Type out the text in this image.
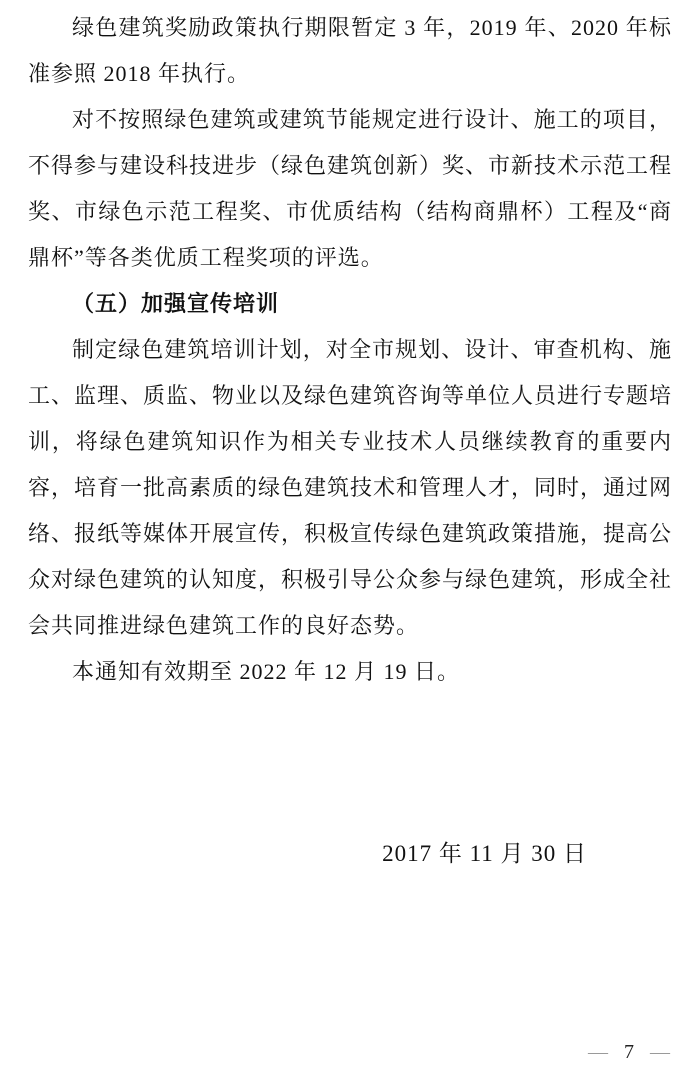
绿色建筑奖励政策执行期限暂定 3 年，2019 年、2020 年标准参照 2018 年执行。

对不按照绿色建筑或建筑节能规定进行设计、施工的项目，不得参与建设科技进步（绿色建筑创新）奖、市新技术示范工程奖、市绿色示范工程奖、市优质结构（结构商鼎杯）工程及“商鼎杯”等各类优质工程奖项的评选。

（五）加强宣传培训

制定绿色建筑培训计划，对全市规划、设计、审查机构、施工、监理、质监、物业以及绿色建筑咨询等单位人员进行专题培训，将绿色建筑知识作为相关专业技术人员继续教育的重要内容，培育一批高素质的绿色建筑技术和管理人才，同时，通过网络、报纸等媒体开展宣传，积极宣传绿色建筑政策措施，提高公众对绿色建筑的认知度，积极引导公众参与绿色建筑，形成全社会共同推进绿色建筑工作的良好态势。

本通知有效期至 2022 年 12 月 19 日。

2017 年 11 月 30 日
— 7 —
